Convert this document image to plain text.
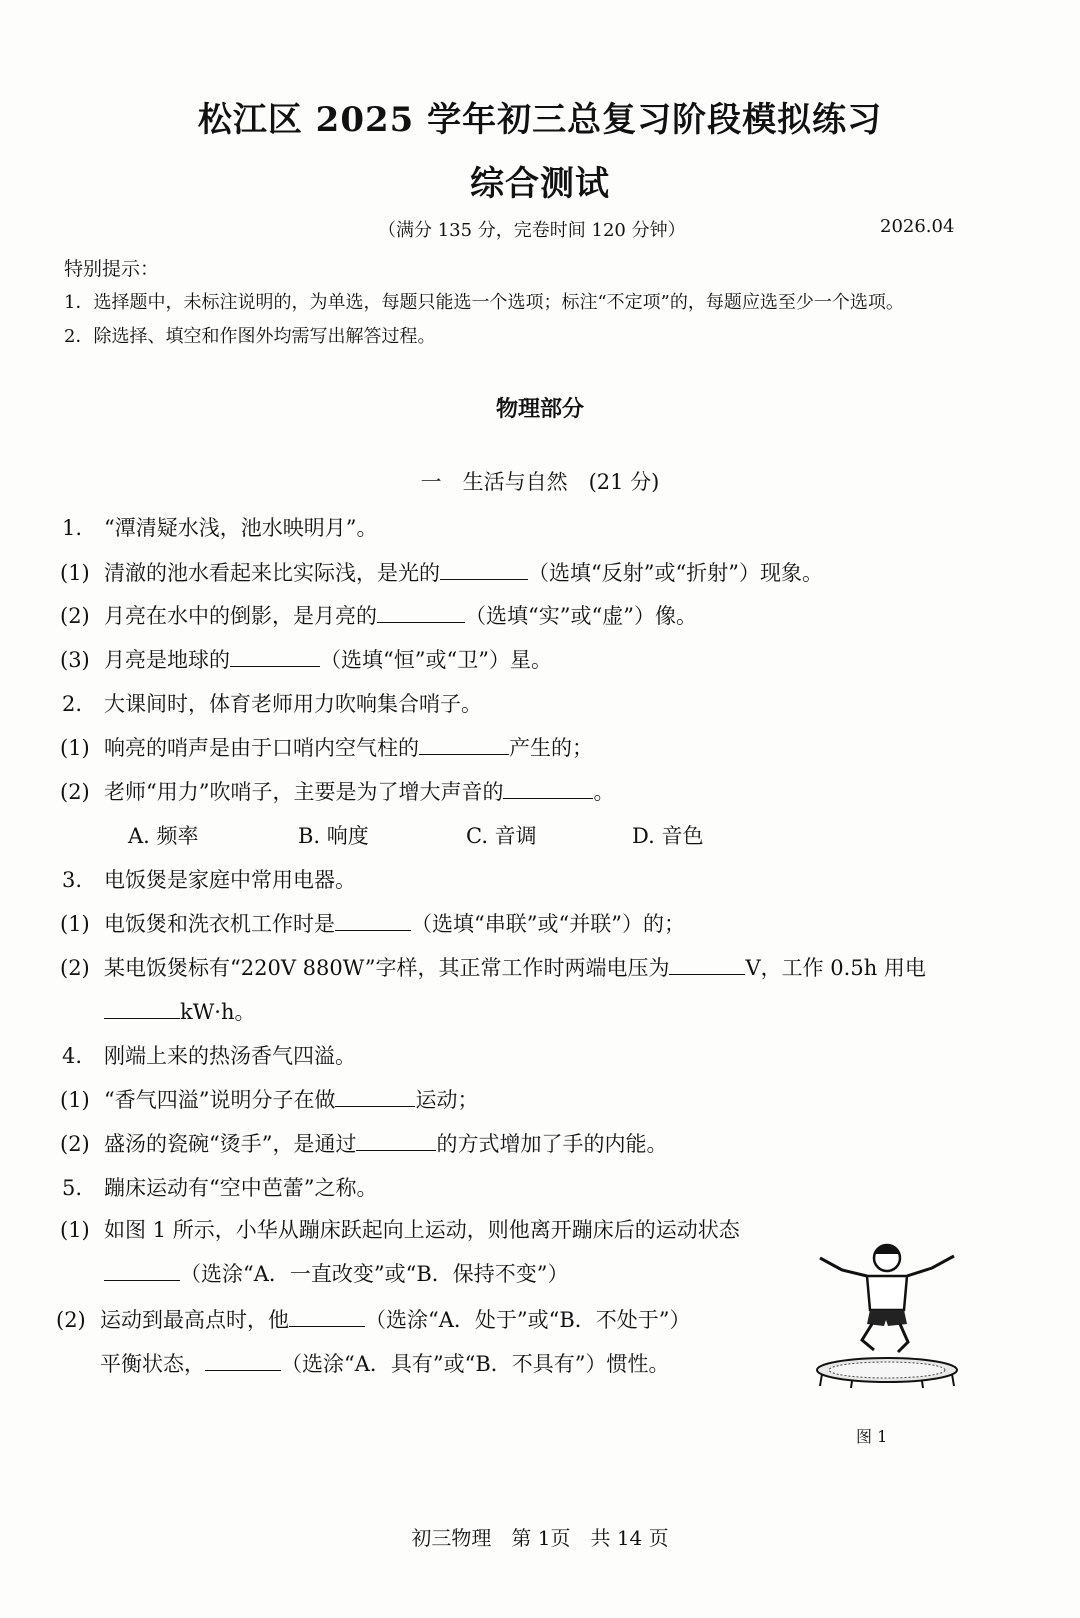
松江区 2025 学年初三总复习阶段模拟练习
综合测试
（满分 135 分，完卷时间 120 分钟）	2026.04
特别提示：
1．选择题中，未标注说明的，为单选，每题只能选一个选项；标注“不定项”的，每题应选至少一个选项。
2．除选择、填空和作图外均需写出解答过程。
物理部分
一　生活与自然　(21 分)
1. “潭清疑水浅，池水映明月”。
(1) 清澈的池水看起来比实际浅，是光的	（选填“反射”或“折射”）现象。
(2) 月亮在水中的倒影，是月亮的	（选填“实”或“虚”）像。
(3) 月亮是地球的	（选填“恒”或“卫”）星。
2. 大课间时，体育老师用力吹响集合哨子。
(1) 响亮的哨声是由于口哨内空气柱的	产生的；
(2) 老师“用力”吹哨子，主要是为了增大声音的	。
A. 频率	B. 响度	C. 音调	D. 音色
3. 电饭煲是家庭中常用电器。
(1) 电饭煲和洗衣机工作时是	（选填“串联”或“并联”）的；
(2) 某电饭煲标有“220V 880W”字样，其正常工作时两端电压为	V，工作 0.5h 用电
kW·h。
4. 刚端上来的热汤香气四溢。
(1) “香气四溢”说明分子在做	运动；
(2) 盛汤的瓷碗“烫手”，是通过	的方式增加了手的内能。
5. 蹦床运动有“空中芭蕾”之称。
(1) 如图 1 所示，小华从蹦床跃起向上运动，则他离开蹦床后的运动状态
（选涂“A．一直改变”或“B．保持不变”）
(2) 运动到最高点时，他	（选涂“A．处于”或“B．不处于”）
平衡状态，	（选涂“A．具有”或“B．不具有”）惯性。
图 1
初三物理　第 1页　共 14 页
